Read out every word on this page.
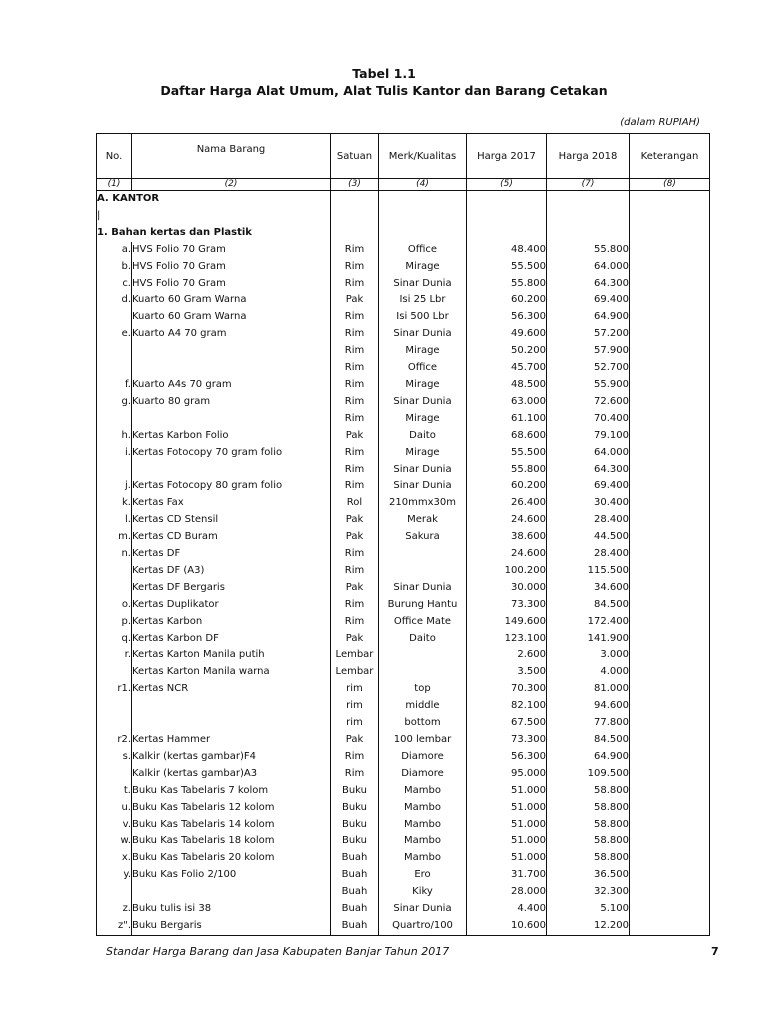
Tabel 1.1
Daftar Harga Alat Umum, Alat Tulis Kantor dan Barang Cetakan
(dalam RUPIAH)
No.	Nama Barang	Satuan	Merk/Kualitas	Harga 2017	Harga 2018	Keterangan
(1)	(2)	(3)	(4)	(5)	(7)	(8)
A. KANTOR						
|						
1. Bahan kertas dan Plastik						
a.	HVS Folio 70 Gram	Rim	Office	48.400	55.800	
b.	HVS Folio 70 Gram	Rim	Mirage	55.500	64.000	
c.	HVS Folio 70 Gram	Rim	Sinar Dunia	55.800	64.300	
d.	Kuarto 60 Gram Warna	Pak	Isi 25 Lbr	60.200	69.400	
	Kuarto 60 Gram Warna	Rim	Isi 500 Lbr	56.300	64.900	
e.	Kuarto A4 70 gram	Rim	Sinar Dunia	49.600	57.200	
		Rim	Mirage	50.200	57.900	
		Rim	Office	45.700	52.700	
f.	Kuarto A4s 70 gram	Rim	Mirage	48.500	55.900	
g.	Kuarto 80 gram	Rim	Sinar Dunia	63.000	72.600	
		Rim	Mirage	61.100	70.400	
h.	Kertas Karbon Folio	Pak	Daito	68.600	79.100	
i.	Kertas Fotocopy 70 gram folio	Rim	Mirage	55.500	64.000	
		Rim	Sinar Dunia	55.800	64.300	
j.	Kertas Fotocopy 80 gram folio	Rim	Sinar Dunia	60.200	69.400	
k.	Kertas Fax	Rol	210mmx30m	26.400	30.400	
l.	Kertas CD Stensil	Pak	Merak	24.600	28.400	
m.	Kertas CD Buram	Pak	Sakura	38.600	44.500	
n.	Kertas DF	Rim		24.600	28.400	
	Kertas DF (A3)	Rim		100.200	115.500	
	Kertas DF Bergaris	Pak	Sinar Dunia	30.000	34.600	
o.	Kertas Duplikator	Rim	Burung Hantu	73.300	84.500	
p.	Kertas Karbon	Rim	Office Mate	149.600	172.400	
q.	Kertas Karbon DF	Pak	Daito	123.100	141.900	
r.	Kertas Karton Manila putih	Lembar		2.600	3.000	
	Kertas Karton Manila warna	Lembar		3.500	4.000	
r1.	Kertas NCR	rim	top	70.300	81.000	
		rim	middle	82.100	94.600	
		rim	bottom	67.500	77.800	
r2.	Kertas Hammer	Pak	100 lembar	73.300	84.500	
s.	Kalkir (kertas gambar)F4	Rim	Diamore	56.300	64.900	
	Kalkir (kertas gambar)A3	Rim	Diamore	95.000	109.500	
t.	Buku Kas Tabelaris 7 kolom	Buku	Mambo	51.000	58.800	
u.	Buku Kas Tabelaris 12 kolom	Buku	Mambo	51.000	58.800	
v.	Buku Kas Tabelaris 14 kolom	Buku	Mambo	51.000	58.800	
w.	Buku Kas Tabelaris 18 kolom	Buku	Mambo	51.000	58.800	
x.	Buku Kas Tabelaris 20 kolom	Buah	Mambo	51.000	58.800	
y.	Buku Kas Folio 2/100	Buah	Ero	31.700	36.500	
		Buah	Kiky	28.000	32.300	
z.	Buku tulis isi 38	Buah	Sinar Dunia	4.400	5.100	
z".	Buku Bergaris	Buah	Quartro/100	10.600	12.200	
Standar Harga Barang dan Jasa Kabupaten Banjar Tahun 2017	7
